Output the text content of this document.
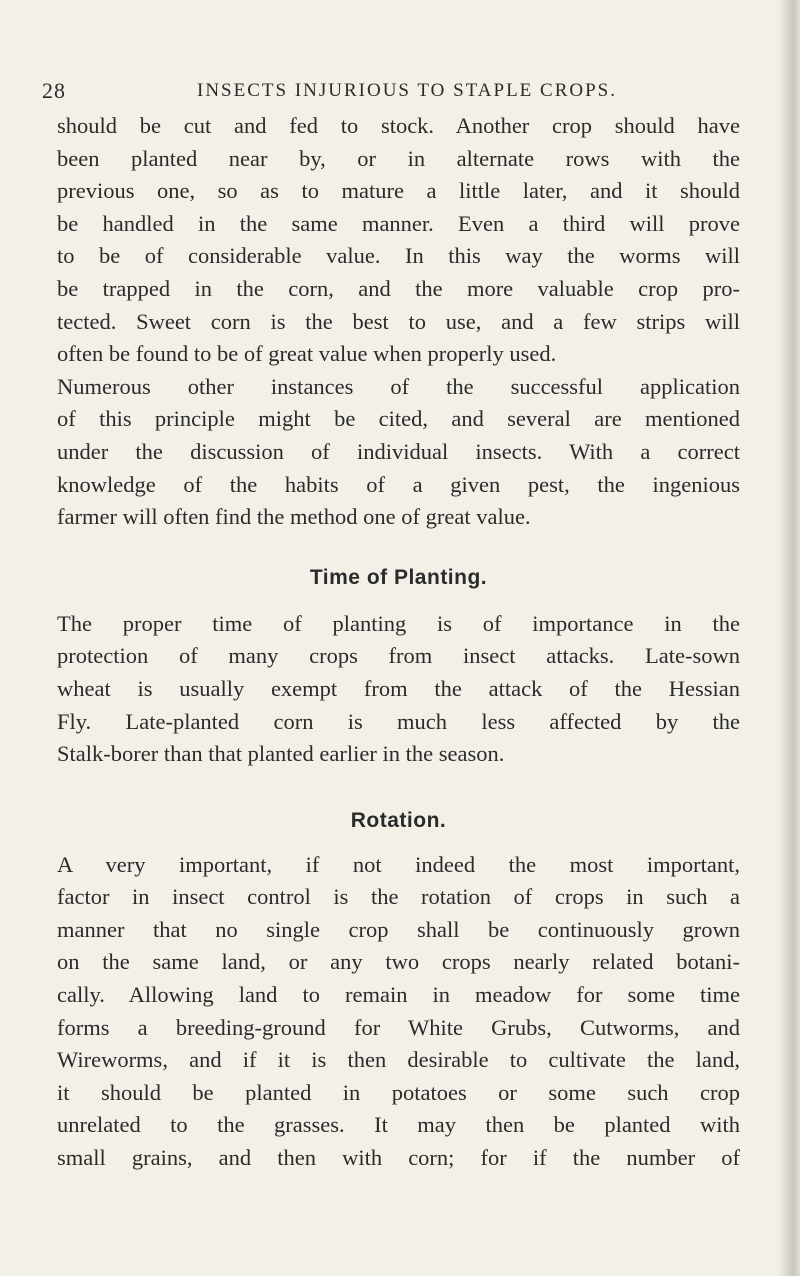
28	INSECTS INJURIOUS TO STAPLE CROPS.
should be cut and fed to stock. Another crop should have
been planted near by, or in alternate rows with the
previous one, so as to mature a little later, and it should
be handled in the same manner. Even a third will prove
to be of considerable value. In this way the worms will
be trapped in the corn, and the more valuable crop pro-
tected. Sweet corn is the best to use, and a few strips will
often be found to be of great value when properly used.
Numerous other instances of the successful application
of this principle might be cited, and several are mentioned
under the discussion of individual insects. With a correct
knowledge of the habits of a given pest, the ingenious
farmer will often find the method one of great value.
Time of Planting.
The proper time of planting is of importance in the
protection of many crops from insect attacks. Late-sown
wheat is usually exempt from the attack of the Hessian
Fly. Late-planted corn is much less affected by the
Stalk-borer than that planted earlier in the season.
Rotation.
A very important, if not indeed the most important,
factor in insect control is the rotation of crops in such a
manner that no single crop shall be continuously grown
on the same land, or any two crops nearly related botani-
cally. Allowing land to remain in meadow for some time
forms a breeding-ground for White Grubs, Cutworms, and
Wireworms, and if it is then desirable to cultivate the land,
it should be planted in potatoes or some such crop
unrelated to the grasses. It may then be planted with
small grains, and then with corn; for if the number of
